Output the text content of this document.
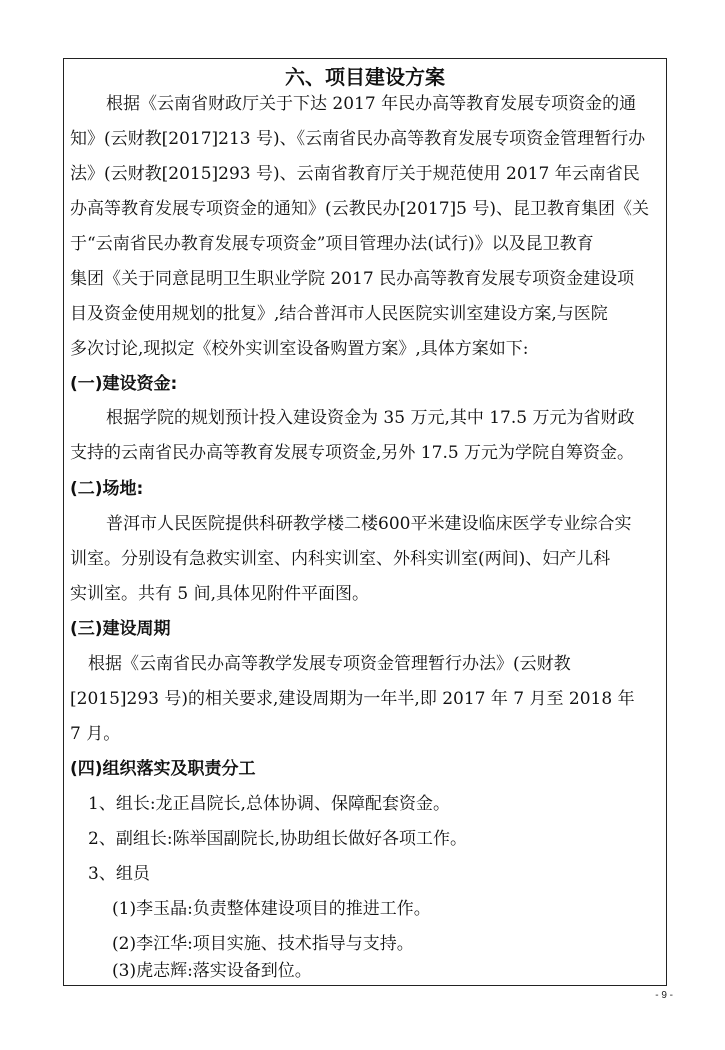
六、项目建设方案
根据《云南省财政厅关于下达 2017 年民办高等教育发展专项资金的通
知》(云财教[2017]213 号)、《云南省民办高等教育发展专项资金管理暂行办
法》(云财教[2015]293 号)、云南省教育厅关于规范使用 2017 年云南省民
办高等教育发展专项资金的通知》(云教民办[2017]5 号)、昆卫教育集团《关
于“云南省民办教育发展专项资金”项目管理办法(试行)》以及昆卫教育
集团《关于同意昆明卫生职业学院 2017 民办高等教育发展专项资金建设项
目及资金使用规划的批复》,结合普洱市人民医院实训室建设方案,与医院
多次讨论,现拟定《校外实训室设备购置方案》,具体方案如下:
(一)建设资金:
根据学院的规划预计投入建设资金为 35 万元,其中 17.5 万元为省财政
支持的云南省民办高等教育发展专项资金,另外 17.5 万元为学院自筹资金。
(二)场地:
普洱市人民医院提供科研教学楼二楼600平米建设临床医学专业综合实
训室。分别设有急救实训室、内科实训室、外科实训室(两间)、妇产儿科
实训室。共有 5 间,具体见附件平面图。
(三)建设周期
根据《云南省民办高等教学发展专项资金管理暂行办法》(云财教
[2015]293 号)的相关要求,建设周期为一年半,即 2017 年 7 月至 2018 年
7 月。
(四)组织落实及职责分工
1、组长:龙正昌院长,总体协调、保障配套资金。
2、副组长:陈举国副院长,协助组长做好各项工作。
3、组员
(1)李玉晶:负责整体建设项目的推进工作。
(2)李江华:项目实施、技术指导与支持。
(3)虎志辉:落实设备到位。
- 9 -
